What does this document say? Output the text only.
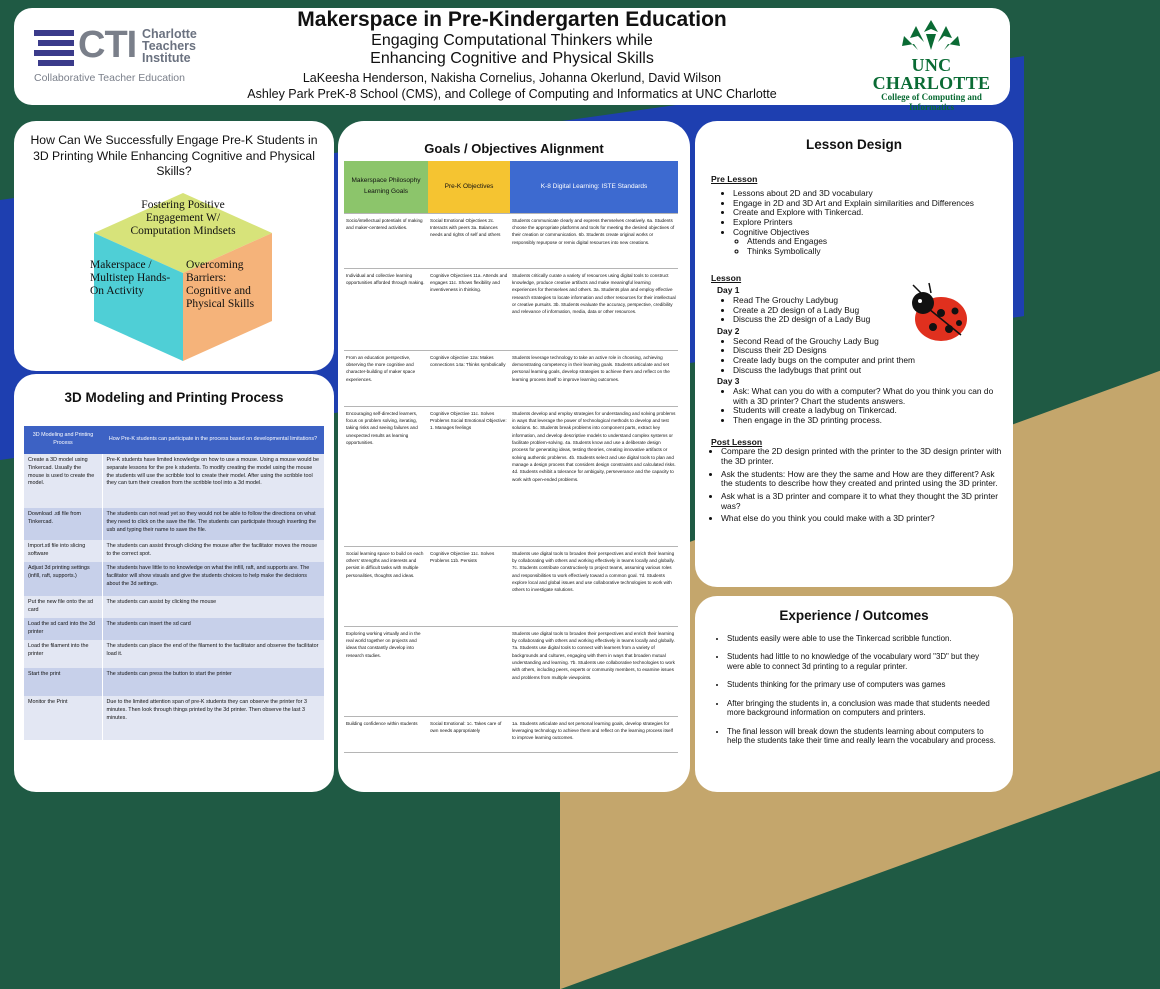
CTI Charlotte
Teachers
Institute
Collaborative Teacher Education
Makerspace in Pre-Kindergarten Education
Engaging Computational Thinkers while
Enhancing Cognitive and Physical Skills
LaKeesha Henderson, Nakisha Cornelius, Johanna Okerlund, David Wilson
Ashley Park PreK-8 School (CMS), and College of Computing and Informatics at UNC Charlotte
UNC CHARLOTTE
College of Computing and Informatics
How Can We Successfully Engage Pre-K Students in 3D Printing While Enhancing Cognitive and Physical Skills?
Fostering Positive Engagement W/ Computation Mindsets
Makerspace / Multistep Hands-On Activity
Overcoming Barriers: Cognitive and Physical Skills
3D Modeling and Printing Process
3D Modeling and Printing Process	How Pre-K students can participate in the process based on developmental limitations?
Create a 3D model using Tinkercad. Usually the mouse is used to create the model.	Pre-K students have limited knowledge on how to use a mouse. Using a mouse would be separate lessons for the pre k students. To modify creating the model using the mouse the students will use the scribble tool to create their model. After using the scribble tool they can turn their creation from the scribble tool into a 3d model.
Download .stl file from Tinkercad.	The students can not read yet so they would not be able to follow the directions on what they need to click on the save the file. The students can participate through inserting the usb and typing their name to save the file.
Import.stl file into slicing software	The students can assist through clicking the mouse after the facilitator moves the mouse to the correct spot.
Adjust 3d printing settings (infill, raft, supports.)	The students have little to no knowledge on what the infill, raft, and supports are. The facilitator will show visuals and give the students choices to help make the decisions about the 3d settings.
Put the new file onto the sd card	The students can assist by clicking the mouse
Load the sd card into the 3d printer	The students can insert the sd card
Load the filament into the printer	The students can place the end of the filament to the facilitator and observe the facilitator load it.
Start the print	The students can press the button to start the printer
Monitor the Print	Due to the limited attention span of pre-K students they can observe the printer for 3 minutes. Then look through things printed by the 3d printer. Then observe the last 3 minutes.
Goals / Objectives Alignment
Makerspace Philosophy Learning Goals	Pre-K Objectives	K-8 Digital Learning: ISTE Standards
Socio/intellectual potentials of making and maker-centered activities.	Social Emotional Objectives 2c. Interacts with peers 3a. Balances needs and rights of self and others	Students communicate clearly and express themselves creatively. 6a. Students choose the appropriate platforms and tools for meeting the desired objectives of their creation or communication. 6b. Students create original works or responsibly repurpose or remix digital resources into new creations.
Individual and collective learning opportunities afforded through making.	Cognitive Objectives 11a. Attends and engages 11c. Shows flexibility and inventiveness in thinking.	Students critically curate a variety of resources using digital tools to construct knowledge, produce creative artifacts and make meaningful learning experiences for themselves and others. 3a. Students plan and employ effective research strategies to locate information and other resources for their intellectual or creative pursuits. 3b. Students evaluate the accuracy, perspective, credibility and relevance of information, media, data or other resources.
From an education perspective, observing the more cognitive and character-building of maker space experiences.	Cognitive objective 12a: Makes connections 14a: Thinks symbolically	Students leverage technology to take an active role in choosing, achieving demonstrating competency in their learning goals. Students articulate and set personal learning goals, develop strategies to achieve them and reflect on the learning process itself to improve learning outcomes.
Encouraging self-directed learners, focus on problem solving, iterating, taking risks and seeing failures and unexpected results as learning opportunities.	Cognitive Objective 11c. Solves Problems Social Emotional Objective: 1. Manages feelings	Students develop and employ strategies for understanding and solving problems in ways that leverage the power of technological methods to develop and test solutions. 5c. Students break problems into component parts, extract key information, and develop descriptive models to understand complex systems or facilitate problem-solving. 4a. Students know and use a deliberate design process for generating ideas, testing theories, creating innovative artifacts or solving authentic problems. 4b. Students select and use digital tools to plan and manage a design process that considers design constraints and calculated risks. 4d. Students exhibit a tolerance for ambiguity, perseverance and the capacity to work with open-ended problems.
Social learning space to build on each others' strengths and interests and persist in difficult tasks with multiple personalities, thoughts and ideas.	Cognitive Objective 11c. Solves Problems 11b. Persists	Students use digital tools to broaden their perspectives and enrich their learning by collaborating with others and working effectively in teams locally and globally. 7c. Students contribute constructively to project teams, assuming various roles and responsibilities to work effectively toward a common goal. 7d. Students explore local and global issues and use collaborative technologies to work with others to investigate solutions.
Exploring working virtually and in the real world together on projects and ideas that constantly develop into research studies.		Students use digital tools to broaden their perspectives and enrich their learning by collaborating with others and working effectively in teams locally and globally. 7a. Students use digital tools to connect with learners from a variety of backgrounds and cultures, engaging with them in ways that broaden mutual understanding and learning. 7b. Students use collaborative technologies to work with others, including peers, experts or community members, to examine issues and problems from multiple viewpoints.
Building confidence within students	Social Emotional: 1c. Takes care of own needs appropriately	1a. Students articulate and set personal learning goals, develop strategies for leveraging technology to achieve them and reflect on the learning process itself to improve learning outcomes.
Lesson Design
Pre Lesson
• Lessons about 2D and 3D vocabulary
• Engage in 2D and 3D Art and Explain similarities and Differences
• Create and Explore with Tinkercad.
• Explore Printers
• Cognitive Objectives
◦ Attends and Engages
◦ Thinks Symbolically
Lesson
Day 1
• Read The Grouchy Ladybug
• Create a 2D design of a Lady Bug
• Discuss the 2D design of a Lady Bug
Day 2
• Second Read of the Grouchy Lady Bug
• Discuss their 2D Designs
• Create lady bugs on the computer and print them
• Discuss the ladybugs that print out
Day 3
• Ask: What can you do with a computer? What do you think you can do with a 3D printer? Chart the students answers.
• Students will create a ladybug on Tinkercad.
• Then engage in the 3D printing process.
Post Lesson
• Compare the 2D design printed with the printer to the 3D design printer with the 3D printer.
• Ask the students: How are they the same and How are they different? Ask the students to describe how they created and printed using the 3D printer.
• Ask what is a 3D printer and compare it to what they thought the 3D printer was?
• What else do you think you could make with a 3D printer?
Experience / Outcomes
• Students easily were able to use the Tinkercad scribble function.
• Students had little to no knowledge of the vocabulary word "3D" but they were able to connect 3d printing to a regular printer.
• Students thinking for the primary use of computers was games
• After bringing the students in, a conclusion was made that students needed more background information on computers and printers.
• The final lesson will break down the students learning about computers to help the students take their time and really learn the vocabulary and process.
